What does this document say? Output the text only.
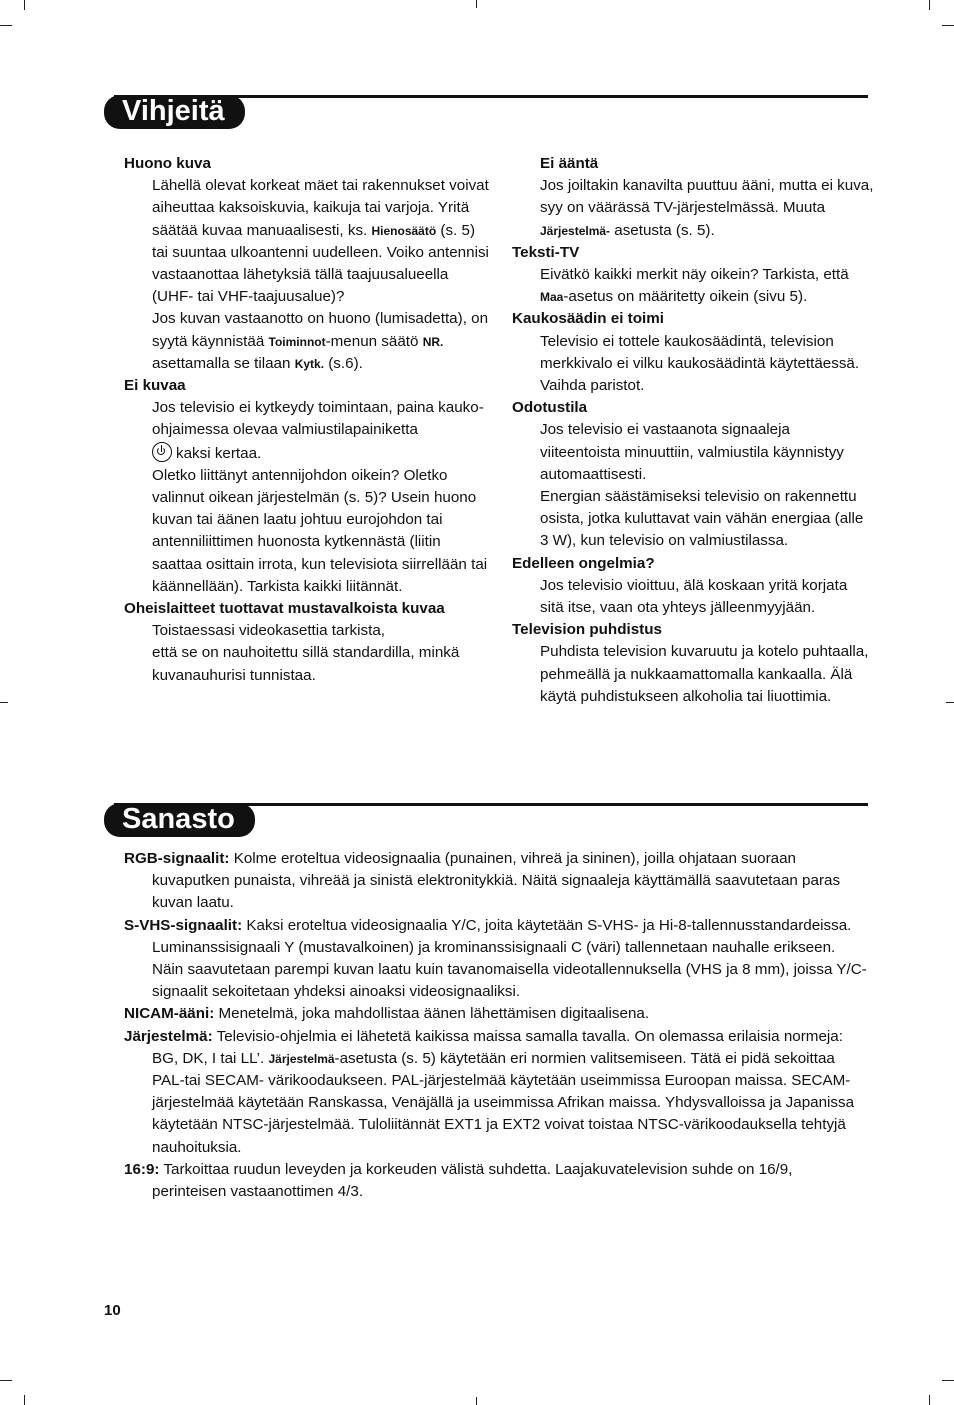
Vihjeitä
Huono kuva

Lähellä olevat korkeat mäet tai rakennukset voivat aiheuttaa kaksoiskuvia, kaikuja tai varjoja. Yritä säätää kuvaa manuaalisesti, ks. Hienosäätö (s. 5) tai suuntaa ulkoantenni uudelleen. Voiko antennisi vastaanottaa lähetyksiä tällä taajuusalueella (UHF- tai VHF-taajuusalue)?

Jos kuvan vastaanotto on huono (lumisadetta), on syytä käynnistää Toiminnot-menun säätö NR. asettamalla se tilaan Kytk. (s.6).

Ei kuvaa

Jos televisio ei kytkeydy toimintaan, paina kauko-ohjaimessa olevaa valmiustilapainiketta
kaksi kertaa.

Oletko liittänyt antennijohdon oikein? Oletko valinnut oikean järjestelmän (s. 5)? Usein huono kuvan tai äänen laatu johtuu eurojohdon tai antenniliittimen huonosta kytkennästä (liitin saattaa osittain irrota, kun televisiota siirrellään tai käännellään). Tarkista kaikki liitännät.

Oheislaitteet tuottavat mustavalkoista kuvaa

Toistaessasi videokasettia tarkista,

että se on nauhoitettu sillä standardilla, minkä kuvanauhurisi tunnistaa.

Ei ääntä

Jos joiltakin kanavilta puuttuu ääni, mutta ei kuva, syy on väärässä TV-järjestelmässä. Muuta Järjestelmä- asetusta (s. 5).

Teksti-TV

Eivätkö kaikki merkit näy oikein? Tarkista, että Maa-asetus on määritetty oikein (sivu 5).

Kaukosäädin ei toimi

Televisio ei tottele kaukosäädintä, television merkkivalo ei vilku kaukosäädintä käytettäessä. Vaihda paristot.

Odotustila

Jos televisio ei vastaanota signaaleja viiteentoista minuuttiin, valmiustila käynnistyy automaattisesti.

Energian säästämiseksi televisio on rakennettu osista, jotka kuluttavat vain vähän energiaa (alle 3 W), kun televisio on valmiustilassa.

Edelleen ongelmia?

Jos televisio vioittuu, älä koskaan yritä korjata sitä itse, vaan ota yhteys jälleenmyyjään.

Television puhdistus

Puhdista television kuvaruutu ja kotelo puhtaalla, pehmeällä ja nukkaamattomalla kankaalla. Älä käytä puhdistukseen alkoholia tai liuottimia.

Sanasto

RGB-signaalit: Kolme eroteltua videosignaalia (punainen, vihreä ja sininen), joilla ohjataan suoraan kuvaputken punaista, vihreää ja sinistä elektronitykkiä. Näitä signaaleja käyttämällä saavutetaan paras kuvan laatu.

S-VHS-signaalit: Kaksi eroteltua videosignaalia Y/C, joita käytetään S-VHS- ja Hi-8-tallennusstandardeissa. Luminanssisignaali Y (mustavalkoinen) ja krominanssisignaali C (väri) tallennetaan nauhalle erikseen. Näin saavutetaan parempi kuvan laatu kuin tavanomaisella videotallennuksella (VHS ja 8 mm), joissa Y/C-signaalit sekoitetaan yhdeksi ainoaksi videosignaaliksi.

NICAM-ääni: Menetelmä, joka mahdollistaa äänen lähettämisen digitaalisena.

Järjestelmä: Televisio-ohjelmia ei lähetetä kaikissa maissa samalla tavalla. On olemassa erilaisia normeja: BG, DK, I tai LL’. Järjestelmä-asetusta (s. 5) käytetään eri normien valitsemiseen. Tätä ei pidä sekoittaa PAL-tai SECAM- värikoodaukseen. PAL-järjestelmää käytetään useimmissa Euroopan maissa. SECAM-järjestelmää käytetään Ranskassa, Venäjällä ja useimmissa Afrikan maissa. Yhdysvalloissa ja Japanissa käytetään NTSC-järjestelmää. Tuloliitännät EXT1 ja EXT2 voivat toistaa NTSC-värikoodauksella tehtyjä nauhoituksia.

16:9: Tarkoittaa ruudun leveyden ja korkeuden välistä suhdetta. Laajakuvatelevision suhde on 16/9, perinteisen vastaanottimen 4/3.

10
